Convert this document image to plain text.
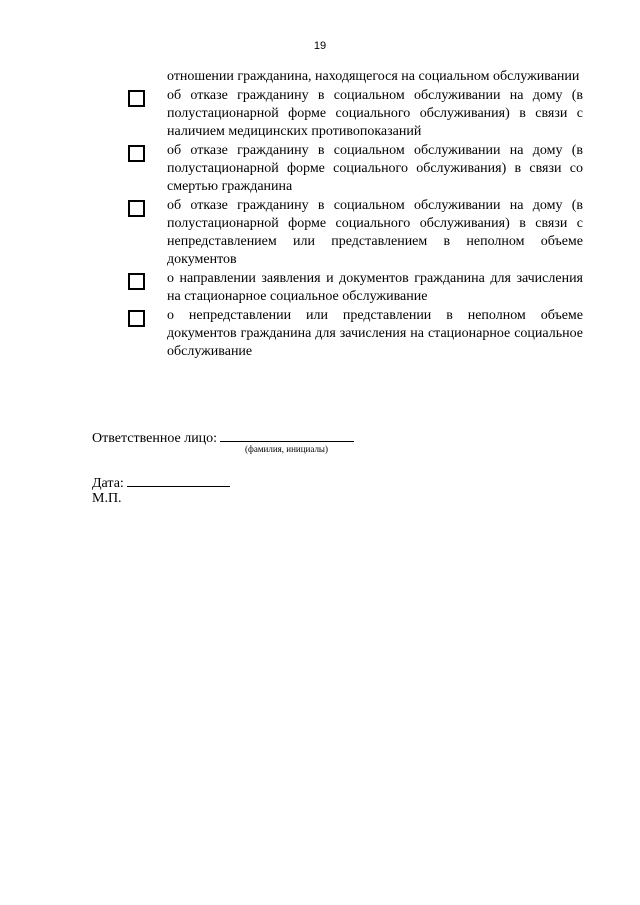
19
отношении гражданина, находящегося на социальном обслуживании
об отказе гражданину в социальном обслуживании на дому (в полустационарной форме социального обслуживания) в связи с наличием медицинских противопоказаний
об отказе гражданину в социальном обслуживании на дому (в полустационарной форме социального обслуживания) в связи со смертью гражданина
об отказе гражданину в социальном обслуживании на дому (в полустационарной форме социального обслуживания) в связи с непредставлением или представлением в неполном объеме документов
о направлении заявления и документов гражданина для зачисления на стационарное социальное обслуживание
о непредставлении или представлении в неполном объеме документов гражданина для зачисления на стационарное социальное обслуживание
Ответственное лицо:
(фамилия, инициалы)
Дата:
М.П.
